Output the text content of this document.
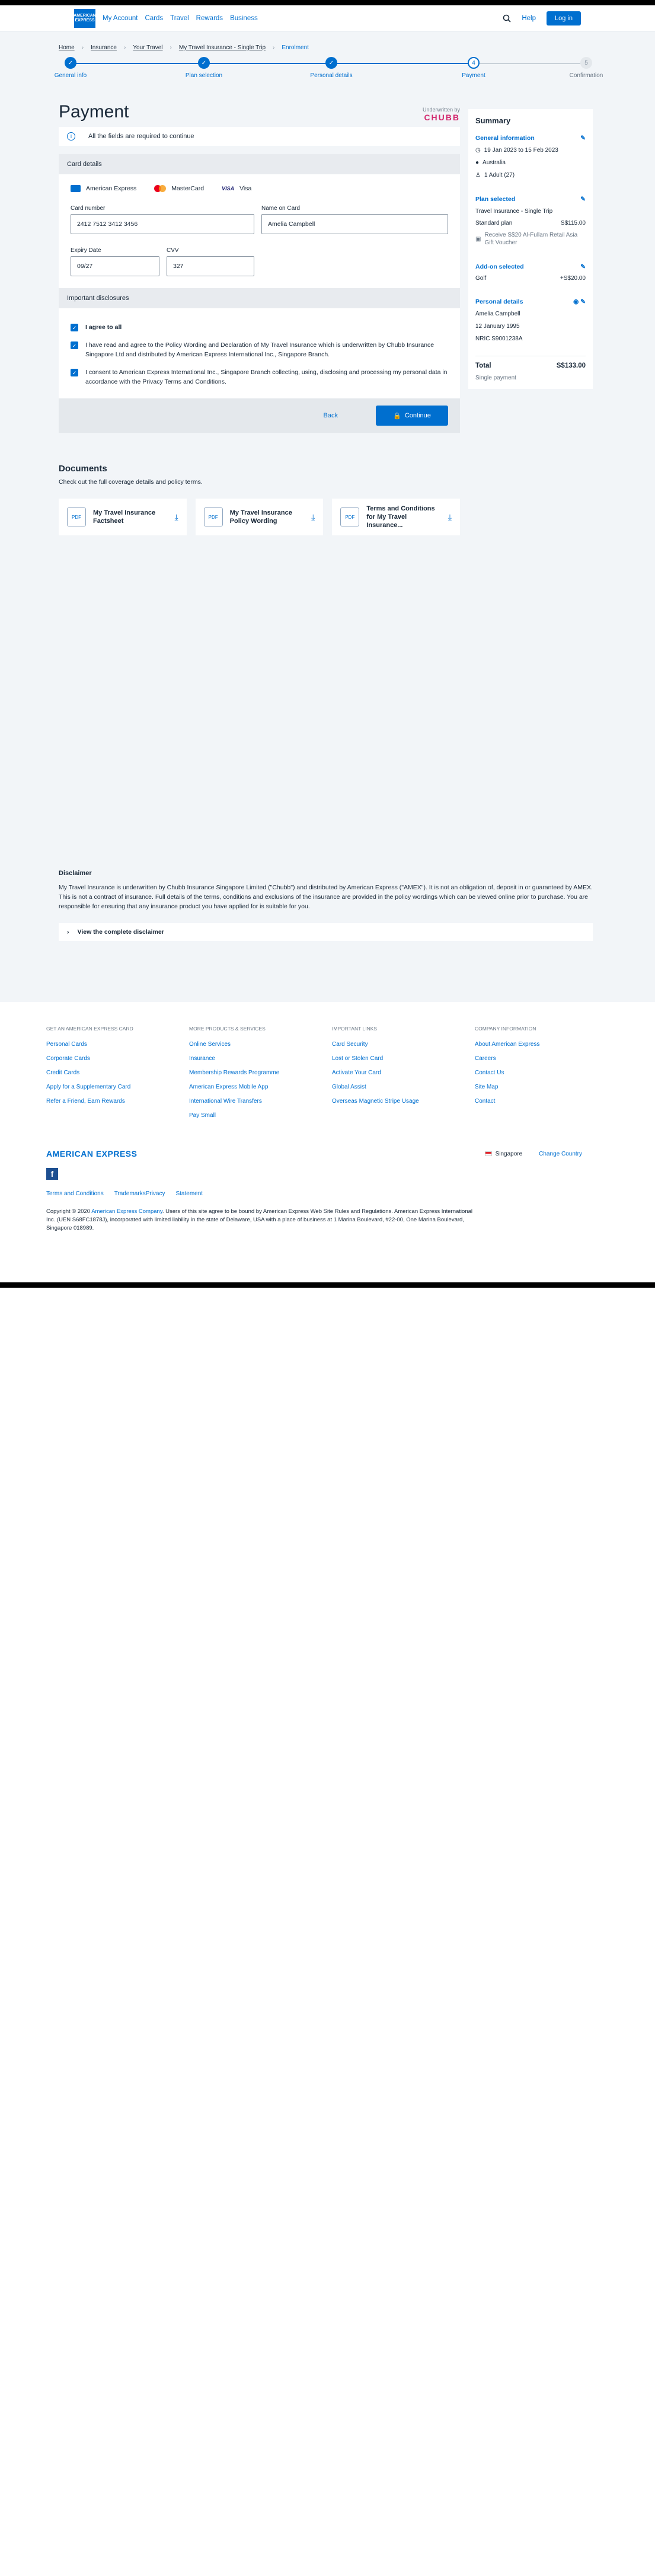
AMERICAN EXPRESS My Account Cards Travel Rewards Business	Help	Log in
Home › Insurance › Your Travel › My Travel Insurance - Single Trip › Enrolment
✓
General info
✓
Plan selection
✓
Personal details
4
Payment
5
Confirmation
Payment	Underwritten by
CHUBB
i	All the fields are required to continue
Card details
American Express	MasterCard	VISA Visa
Card number
2412 7512 3412 3456
Name on Card
Amelia Campbell
Expiry Date
09/27
CVV
327
Important disclosures
✓ I agree to all
✓ I have read and agree to the Policy Wording and Declaration of My Travel Insurance which is underwritten by Chubb Insurance Singapore Ltd and distributed by American Express International Inc., Singapore Branch.
✓ I consent to American Express International Inc., Singapore Branch collecting, using, disclosing and processing my personal data in accordance with the Privacy Terms and Conditions.
Back	🔒 Continue
Documents

Check out the full coverage details and policy terms.

PDF
My Travel Insurance Factsheet	⤓	PDF
My Travel Insurance Policy Wording	⤓	PDF
Terms and Conditions for My Travel Insurance...
⤓
Summary
General information	✎
◷ 19 Jan 2023 to 15 Feb 2023
● Australia
♙ 1 Adult (27)
Plan selected	✎
Travel Insurance - Single Trip
Standard plan	S$115.00
▣
Receive S$20 Al-Fullam Retail Asia Gift Voucher
Add-on selected	✎
Golf	+S$20.00
Personal details	◉ ✎
Amelia Campbell
12 January 1995
NRIC S9001238A
Total	S$133.00
Single payment
Disclaimer

My Travel Insurance is underwritten by Chubb Insurance Singapore Limited ("Chubb") and distributed by American Express ("AMEX"). It is not an obligation of, deposit in or guaranteed by AMEX. This is not a contract of insurance. Full details of the terms, conditions and exclusions of the insurance are provided in the policy wordings which can be viewed online prior to purchase. You are responsible for ensuring that any insurance product you have applied for is suitable for you.

› View the complete disclaimer
GET AN AMERICAN EXPRESS CARD
Personal Cards
Corporate Cards
Credit Cards
Apply for a Supplementary Card
Refer a Friend, Earn Rewards
MORE PRODUCTS & SERVICES
Online Services
Insurance
Membership Rewards Programme
American Express Mobile App
International Wire Transfers
Pay Small
IMPORTANT LINKS
Card Security
Lost or Stolen Card
Activate Your Card
Global Assist
Overseas Magnetic Stripe Usage
COMPANY INFORMATION
About American Express
Careers
Contact Us
Site Map
Contact
AMERICAN EXPRESS	Singapore	Change Country
f
Terms and Conditions TrademarksPrivacy Statement
Copyright © 2020 American Express Company. Users of this site agree to be bound by American Express Web Site Rules and Regulations. American Express International Inc. (UEN S68FC1878J), incorporated with limited liability in the state of Delaware, USA with a place of business at 1 Marina Boulevard, #22-00, One Marina Boulevard, Singapore 018989.
